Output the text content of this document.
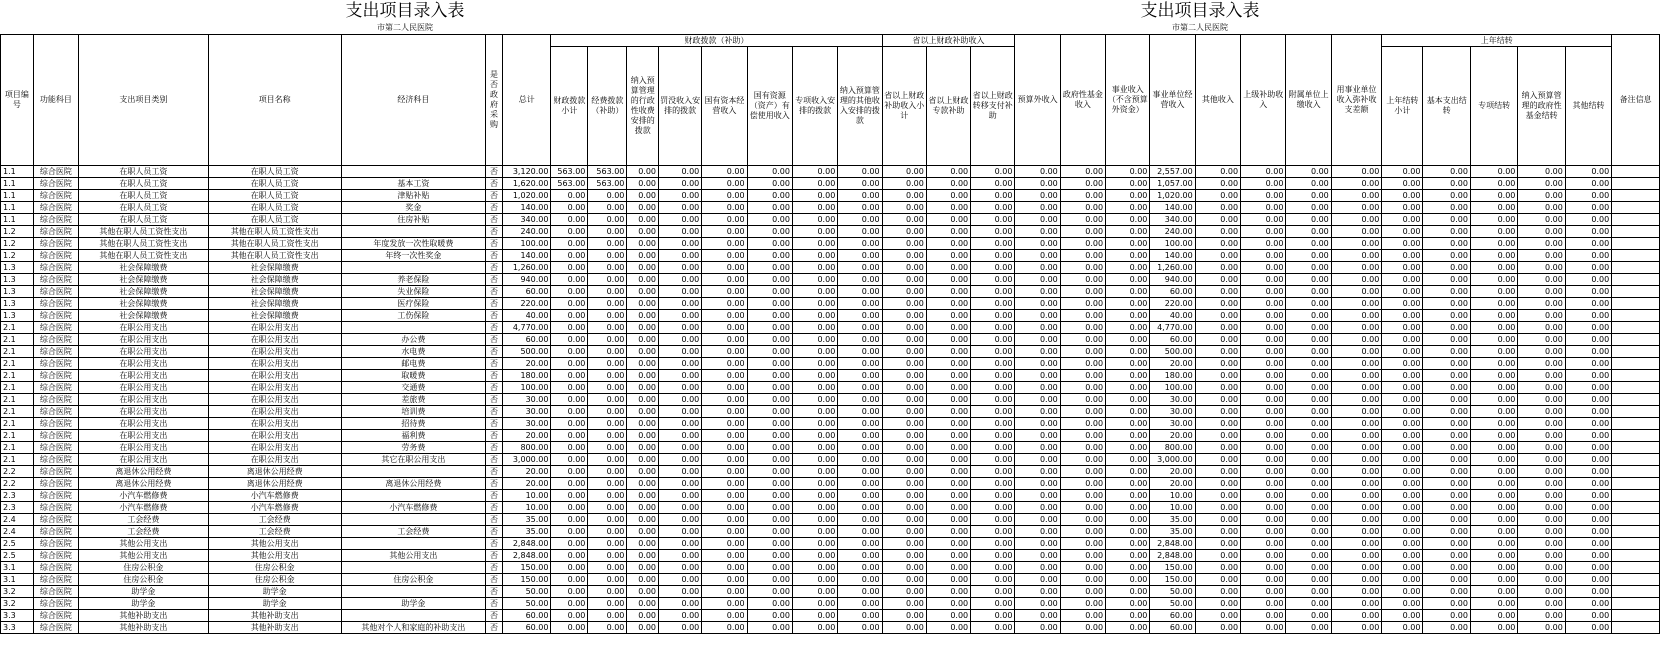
支出项目录入表
市第二人民医院
支出项目录入表
市第二人民医院
项目编号	功能科目	支出项目类别	项目名称	经济科目	是否政府采购	总计	财政拨款（补助）								省以上财政补助收入			预算外收入	政府性基金收入	事业收入（不含预算外资金）	事业单位经营收入	其他收入	上级补助收入	附属单位上缴收入	用事业单位收入弥补收支差额	上年结转					备注信息
							财政拨款小计	经费拨款（补助）	纳入预算管理的行政性收费安排的拨款	罚没收入安排的拨款	国有资本经营收入	国有资源（资产）有偿使用收入	专项收入安排的拨款	纳入预算管理的其他收入安排的拨款	省以上财政补助收入小计	省以上财政专款补助	省以上财政转移支付补助									上年结转小计	基本支出结转	专项结转	纳入预算管理的政府性基金结转	其他结转	
1.1	综合医院	在职人员工资	在职人员工资		否	3,120.00	563.00	563.00	0.00	0.00	0.00	0.00	0.00	0.00	0.00	0.00	0.00	0.00	0.00	0.00	2,557.00	0.00	0.00	0.00	0.00	0.00	0.00	0.00	0.00	0.00	
1.1	综合医院	在职人员工资	在职人员工资	基本工资	否	1,620.00	563.00	563.00	0.00	0.00	0.00	0.00	0.00	0.00	0.00	0.00	0.00	0.00	0.00	0.00	1,057.00	0.00	0.00	0.00	0.00	0.00	0.00	0.00	0.00	0.00	
1.1	综合医院	在职人员工资	在职人员工资	津贴补贴	否	1,020.00	0.00	0.00	0.00	0.00	0.00	0.00	0.00	0.00	0.00	0.00	0.00	0.00	0.00	0.00	1,020.00	0.00	0.00	0.00	0.00	0.00	0.00	0.00	0.00	0.00	
1.1	综合医院	在职人员工资	在职人员工资	奖金	否	140.00	0.00	0.00	0.00	0.00	0.00	0.00	0.00	0.00	0.00	0.00	0.00	0.00	0.00	0.00	140.00	0.00	0.00	0.00	0.00	0.00	0.00	0.00	0.00	0.00	
1.1	综合医院	在职人员工资	在职人员工资	住房补贴	否	340.00	0.00	0.00	0.00	0.00	0.00	0.00	0.00	0.00	0.00	0.00	0.00	0.00	0.00	0.00	340.00	0.00	0.00	0.00	0.00	0.00	0.00	0.00	0.00	0.00	
1.2	综合医院	其他在职人员工资性支出	其他在职人员工资性支出		否	240.00	0.00	0.00	0.00	0.00	0.00	0.00	0.00	0.00	0.00	0.00	0.00	0.00	0.00	0.00	240.00	0.00	0.00	0.00	0.00	0.00	0.00	0.00	0.00	0.00	
1.2	综合医院	其他在职人员工资性支出	其他在职人员工资性支出	年度发放一次性取暖费	否	100.00	0.00	0.00	0.00	0.00	0.00	0.00	0.00	0.00	0.00	0.00	0.00	0.00	0.00	0.00	100.00	0.00	0.00	0.00	0.00	0.00	0.00	0.00	0.00	0.00	
1.2	综合医院	其他在职人员工资性支出	其他在职人员工资性支出	年终一次性奖金	否	140.00	0.00	0.00	0.00	0.00	0.00	0.00	0.00	0.00	0.00	0.00	0.00	0.00	0.00	0.00	140.00	0.00	0.00	0.00	0.00	0.00	0.00	0.00	0.00	0.00	
1.3	综合医院	社会保障缴费	社会保障缴费		否	1,260.00	0.00	0.00	0.00	0.00	0.00	0.00	0.00	0.00	0.00	0.00	0.00	0.00	0.00	0.00	1,260.00	0.00	0.00	0.00	0.00	0.00	0.00	0.00	0.00	0.00	
1.3	综合医院	社会保障缴费	社会保障缴费	养老保险	否	940.00	0.00	0.00	0.00	0.00	0.00	0.00	0.00	0.00	0.00	0.00	0.00	0.00	0.00	0.00	940.00	0.00	0.00	0.00	0.00	0.00	0.00	0.00	0.00	0.00	
1.3	综合医院	社会保障缴费	社会保障缴费	失业保险	否	60.00	0.00	0.00	0.00	0.00	0.00	0.00	0.00	0.00	0.00	0.00	0.00	0.00	0.00	0.00	60.00	0.00	0.00	0.00	0.00	0.00	0.00	0.00	0.00	0.00	
1.3	综合医院	社会保障缴费	社会保障缴费	医疗保险	否	220.00	0.00	0.00	0.00	0.00	0.00	0.00	0.00	0.00	0.00	0.00	0.00	0.00	0.00	0.00	220.00	0.00	0.00	0.00	0.00	0.00	0.00	0.00	0.00	0.00	
1.3	综合医院	社会保障缴费	社会保障缴费	工伤保险	否	40.00	0.00	0.00	0.00	0.00	0.00	0.00	0.00	0.00	0.00	0.00	0.00	0.00	0.00	0.00	40.00	0.00	0.00	0.00	0.00	0.00	0.00	0.00	0.00	0.00	
2.1	综合医院	在职公用支出	在职公用支出		否	4,770.00	0.00	0.00	0.00	0.00	0.00	0.00	0.00	0.00	0.00	0.00	0.00	0.00	0.00	0.00	4,770.00	0.00	0.00	0.00	0.00	0.00	0.00	0.00	0.00	0.00	
2.1	综合医院	在职公用支出	在职公用支出	办公费	否	60.00	0.00	0.00	0.00	0.00	0.00	0.00	0.00	0.00	0.00	0.00	0.00	0.00	0.00	0.00	60.00	0.00	0.00	0.00	0.00	0.00	0.00	0.00	0.00	0.00	
2.1	综合医院	在职公用支出	在职公用支出	水电费	否	500.00	0.00	0.00	0.00	0.00	0.00	0.00	0.00	0.00	0.00	0.00	0.00	0.00	0.00	0.00	500.00	0.00	0.00	0.00	0.00	0.00	0.00	0.00	0.00	0.00	
2.1	综合医院	在职公用支出	在职公用支出	邮电费	否	20.00	0.00	0.00	0.00	0.00	0.00	0.00	0.00	0.00	0.00	0.00	0.00	0.00	0.00	0.00	20.00	0.00	0.00	0.00	0.00	0.00	0.00	0.00	0.00	0.00	
2.1	综合医院	在职公用支出	在职公用支出	取暖费	否	180.00	0.00	0.00	0.00	0.00	0.00	0.00	0.00	0.00	0.00	0.00	0.00	0.00	0.00	0.00	180.00	0.00	0.00	0.00	0.00	0.00	0.00	0.00	0.00	0.00	
2.1	综合医院	在职公用支出	在职公用支出	交通费	否	100.00	0.00	0.00	0.00	0.00	0.00	0.00	0.00	0.00	0.00	0.00	0.00	0.00	0.00	0.00	100.00	0.00	0.00	0.00	0.00	0.00	0.00	0.00	0.00	0.00	
2.1	综合医院	在职公用支出	在职公用支出	差旅费	否	30.00	0.00	0.00	0.00	0.00	0.00	0.00	0.00	0.00	0.00	0.00	0.00	0.00	0.00	0.00	30.00	0.00	0.00	0.00	0.00	0.00	0.00	0.00	0.00	0.00	
2.1	综合医院	在职公用支出	在职公用支出	培训费	否	30.00	0.00	0.00	0.00	0.00	0.00	0.00	0.00	0.00	0.00	0.00	0.00	0.00	0.00	0.00	30.00	0.00	0.00	0.00	0.00	0.00	0.00	0.00	0.00	0.00	
2.1	综合医院	在职公用支出	在职公用支出	招待费	否	30.00	0.00	0.00	0.00	0.00	0.00	0.00	0.00	0.00	0.00	0.00	0.00	0.00	0.00	0.00	30.00	0.00	0.00	0.00	0.00	0.00	0.00	0.00	0.00	0.00	
2.1	综合医院	在职公用支出	在职公用支出	福利费	否	20.00	0.00	0.00	0.00	0.00	0.00	0.00	0.00	0.00	0.00	0.00	0.00	0.00	0.00	0.00	20.00	0.00	0.00	0.00	0.00	0.00	0.00	0.00	0.00	0.00	
2.1	综合医院	在职公用支出	在职公用支出	劳务费	否	800.00	0.00	0.00	0.00	0.00	0.00	0.00	0.00	0.00	0.00	0.00	0.00	0.00	0.00	0.00	800.00	0.00	0.00	0.00	0.00	0.00	0.00	0.00	0.00	0.00	
2.1	综合医院	在职公用支出	在职公用支出	其它在职公用支出	否	3,000.00	0.00	0.00	0.00	0.00	0.00	0.00	0.00	0.00	0.00	0.00	0.00	0.00	0.00	0.00	3,000.00	0.00	0.00	0.00	0.00	0.00	0.00	0.00	0.00	0.00	
2.2	综合医院	离退休公用经费	离退休公用经费		否	20.00	0.00	0.00	0.00	0.00	0.00	0.00	0.00	0.00	0.00	0.00	0.00	0.00	0.00	0.00	20.00	0.00	0.00	0.00	0.00	0.00	0.00	0.00	0.00	0.00	
2.2	综合医院	离退休公用经费	离退休公用经费	离退休公用经费	否	20.00	0.00	0.00	0.00	0.00	0.00	0.00	0.00	0.00	0.00	0.00	0.00	0.00	0.00	0.00	20.00	0.00	0.00	0.00	0.00	0.00	0.00	0.00	0.00	0.00	
2.3	综合医院	小汽车燃修费	小汽车燃修费		否	10.00	0.00	0.00	0.00	0.00	0.00	0.00	0.00	0.00	0.00	0.00	0.00	0.00	0.00	0.00	10.00	0.00	0.00	0.00	0.00	0.00	0.00	0.00	0.00	0.00	
2.3	综合医院	小汽车燃修费	小汽车燃修费	小汽车燃修费	否	10.00	0.00	0.00	0.00	0.00	0.00	0.00	0.00	0.00	0.00	0.00	0.00	0.00	0.00	0.00	10.00	0.00	0.00	0.00	0.00	0.00	0.00	0.00	0.00	0.00	
2.4	综合医院	工会经费	工会经费		否	35.00	0.00	0.00	0.00	0.00	0.00	0.00	0.00	0.00	0.00	0.00	0.00	0.00	0.00	0.00	35.00	0.00	0.00	0.00	0.00	0.00	0.00	0.00	0.00	0.00	
2.4	综合医院	工会经费	工会经费	工会经费	否	35.00	0.00	0.00	0.00	0.00	0.00	0.00	0.00	0.00	0.00	0.00	0.00	0.00	0.00	0.00	35.00	0.00	0.00	0.00	0.00	0.00	0.00	0.00	0.00	0.00	
2.5	综合医院	其他公用支出	其他公用支出		否	2,848.00	0.00	0.00	0.00	0.00	0.00	0.00	0.00	0.00	0.00	0.00	0.00	0.00	0.00	0.00	2,848.00	0.00	0.00	0.00	0.00	0.00	0.00	0.00	0.00	0.00	
2.5	综合医院	其他公用支出	其他公用支出	其他公用支出	否	2,848.00	0.00	0.00	0.00	0.00	0.00	0.00	0.00	0.00	0.00	0.00	0.00	0.00	0.00	0.00	2,848.00	0.00	0.00	0.00	0.00	0.00	0.00	0.00	0.00	0.00	
3.1	综合医院	住房公积金	住房公积金		否	150.00	0.00	0.00	0.00	0.00	0.00	0.00	0.00	0.00	0.00	0.00	0.00	0.00	0.00	0.00	150.00	0.00	0.00	0.00	0.00	0.00	0.00	0.00	0.00	0.00	
3.1	综合医院	住房公积金	住房公积金	住房公积金	否	150.00	0.00	0.00	0.00	0.00	0.00	0.00	0.00	0.00	0.00	0.00	0.00	0.00	0.00	0.00	150.00	0.00	0.00	0.00	0.00	0.00	0.00	0.00	0.00	0.00	
3.2	综合医院	助学金	助学金		否	50.00	0.00	0.00	0.00	0.00	0.00	0.00	0.00	0.00	0.00	0.00	0.00	0.00	0.00	0.00	50.00	0.00	0.00	0.00	0.00	0.00	0.00	0.00	0.00	0.00	
3.2	综合医院	助学金	助学金	助学金	否	50.00	0.00	0.00	0.00	0.00	0.00	0.00	0.00	0.00	0.00	0.00	0.00	0.00	0.00	0.00	50.00	0.00	0.00	0.00	0.00	0.00	0.00	0.00	0.00	0.00	
3.3	综合医院	其他补助支出	其他补助支出		否	60.00	0.00	0.00	0.00	0.00	0.00	0.00	0.00	0.00	0.00	0.00	0.00	0.00	0.00	0.00	60.00	0.00	0.00	0.00	0.00	0.00	0.00	0.00	0.00	0.00	
3.3	综合医院	其他补助支出	其他补助支出	其他对个人和家庭的补助支出	否	60.00	0.00	0.00	0.00	0.00	0.00	0.00	0.00	0.00	0.00	0.00	0.00	0.00	0.00	0.00	60.00	0.00	0.00	0.00	0.00	0.00	0.00	0.00	0.00	0.00	
